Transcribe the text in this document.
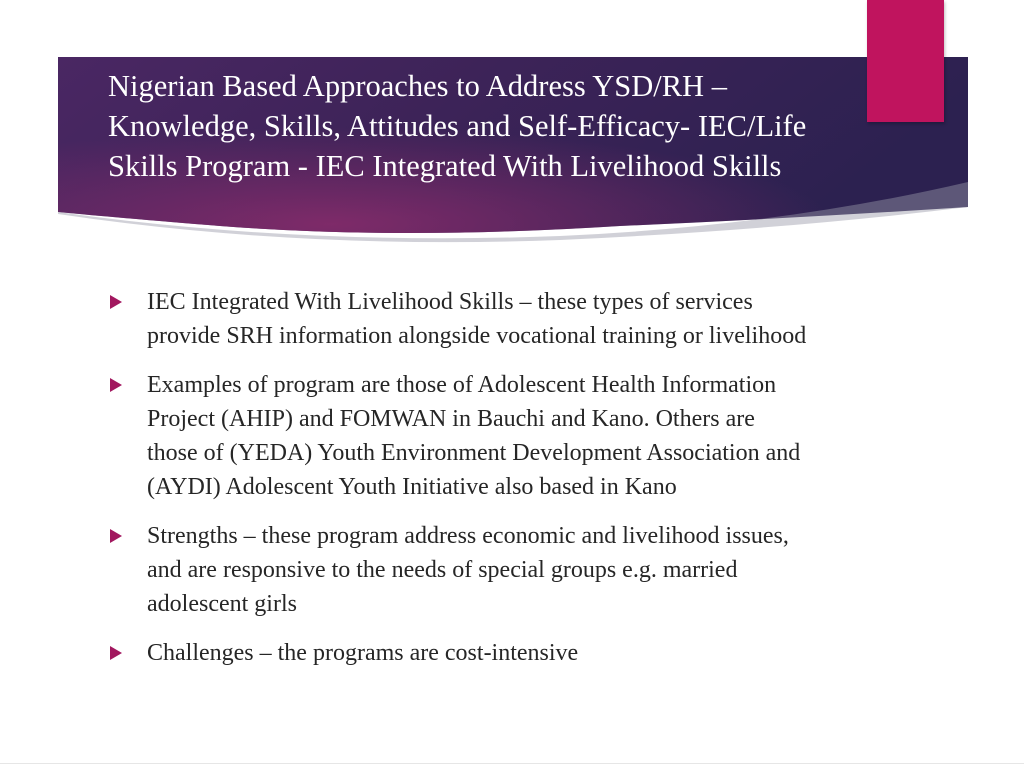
Nigerian Based Approaches to Address YSD/RH – Knowledge, Skills, Attitudes and Self-Efficacy- IEC/Life Skills Program - IEC Integrated With Livelihood Skills
IEC Integrated With Livelihood Skills – these types of services provide SRH information alongside vocational training or livelihood
Examples of program are those of Adolescent Health Information Project (AHIP) and FOMWAN in Bauchi and Kano. Others are those of (YEDA) Youth Environment Development Association and (AYDI) Adolescent Youth Initiative also based in Kano
Strengths – these program address economic and livelihood issues, and are responsive to the needs of special groups e.g. married adolescent girls
Challenges – the programs are cost-intensive
